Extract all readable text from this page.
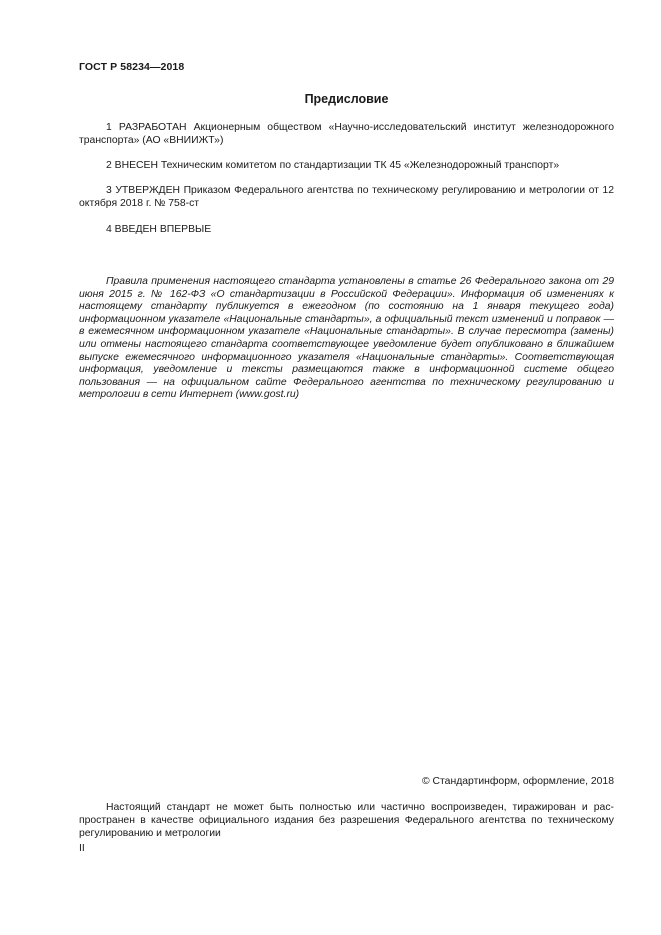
ГОСТ Р 58234—2018
Предисловие

1 РАЗРАБОТАН Акционерным обществом «Научно-исследовательский институт железнодорожного транспорта» (АО «ВНИИЖТ»)

2 ВНЕСЕН Техническим комитетом по стандартизации ТК 45 «Железнодорожный транспорт»

3 УТВЕРЖДЕН Приказом Федерального агентства по техническому регулированию и метрологии от 12 октября 2018 г. № 758-ст

4 ВВЕДЕН ВПЕРВЫЕ

Правила применения настоящего стандарта установлены в статье 26 Федерального закона от 29 июня 2015 г. № 162-ФЗ «О стандартизации в Российской Федерации». Информация об изменениях к настоящему стандарту публикуется в ежегодном (по состоянию на 1 января текущего года) информационном указателе «Национальные стандарты», а официальный текст изменений и поправок — в ежемесячном информационном указателе «Национальные стандарты». В случае пересмотра (замены) или отмены настоящего стандарта соответствующее уведомление будет опубликовано в ближайшем выпуске ежемесячного информационного указателя «Национальные стандарты». Соответствующая информация, уведомление и тексты размещаются также в информационной системе общего пользования — на официальном сайте Федерального агентства по техническому регулированию и метрологии в сети Интернет (www.gost.ru)

© Стандартинформ, оформление, 2018

Настоящий стандарт не может быть полностью или частично воспроизведен, тиражирован и распространен в качестве официального издания без разрешения Федерального агентства по техническому регулированию и метрологии

II
